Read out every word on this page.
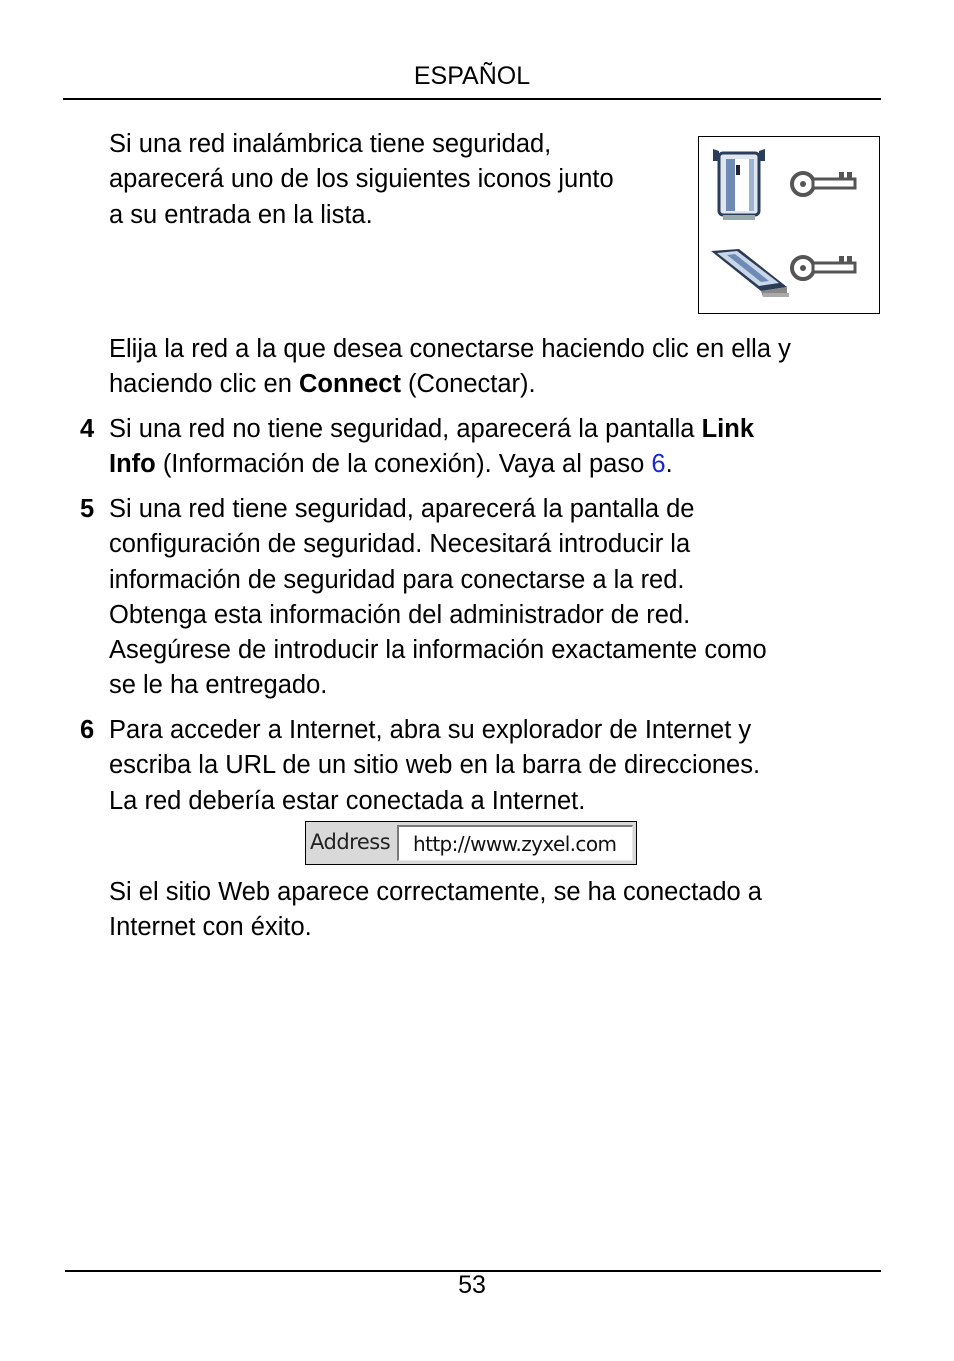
ESPAÑOL
Si una red inalámbrica tiene seguridad,
aparecerá uno de los siguientes iconos junto
a su entrada en la lista.
Elija la red a la que desea conectarse haciendo clic en ella y
haciendo clic en Connect (Conectar).
4 Si una red no tiene seguridad, aparecerá la pantalla Link
Info (Información de la conexión). Vaya al paso 6.
5 Si una red tiene seguridad, aparecerá la pantalla de
configuración de seguridad. Necesitará introducir la
información de seguridad para conectarse a la red.
Obtenga esta información del administrador de red.
Asegúrese de introducir la información exactamente como
se le ha entregado.
6 Para acceder a Internet, abra su explorador de Internet y
escriba la URL de un sitio web en la barra de direcciones.
La red debería estar conectada a Internet.
Address http://www.zyxel.com
Si el sitio Web aparece correctamente, se ha conectado a
Internet con éxito.
53
